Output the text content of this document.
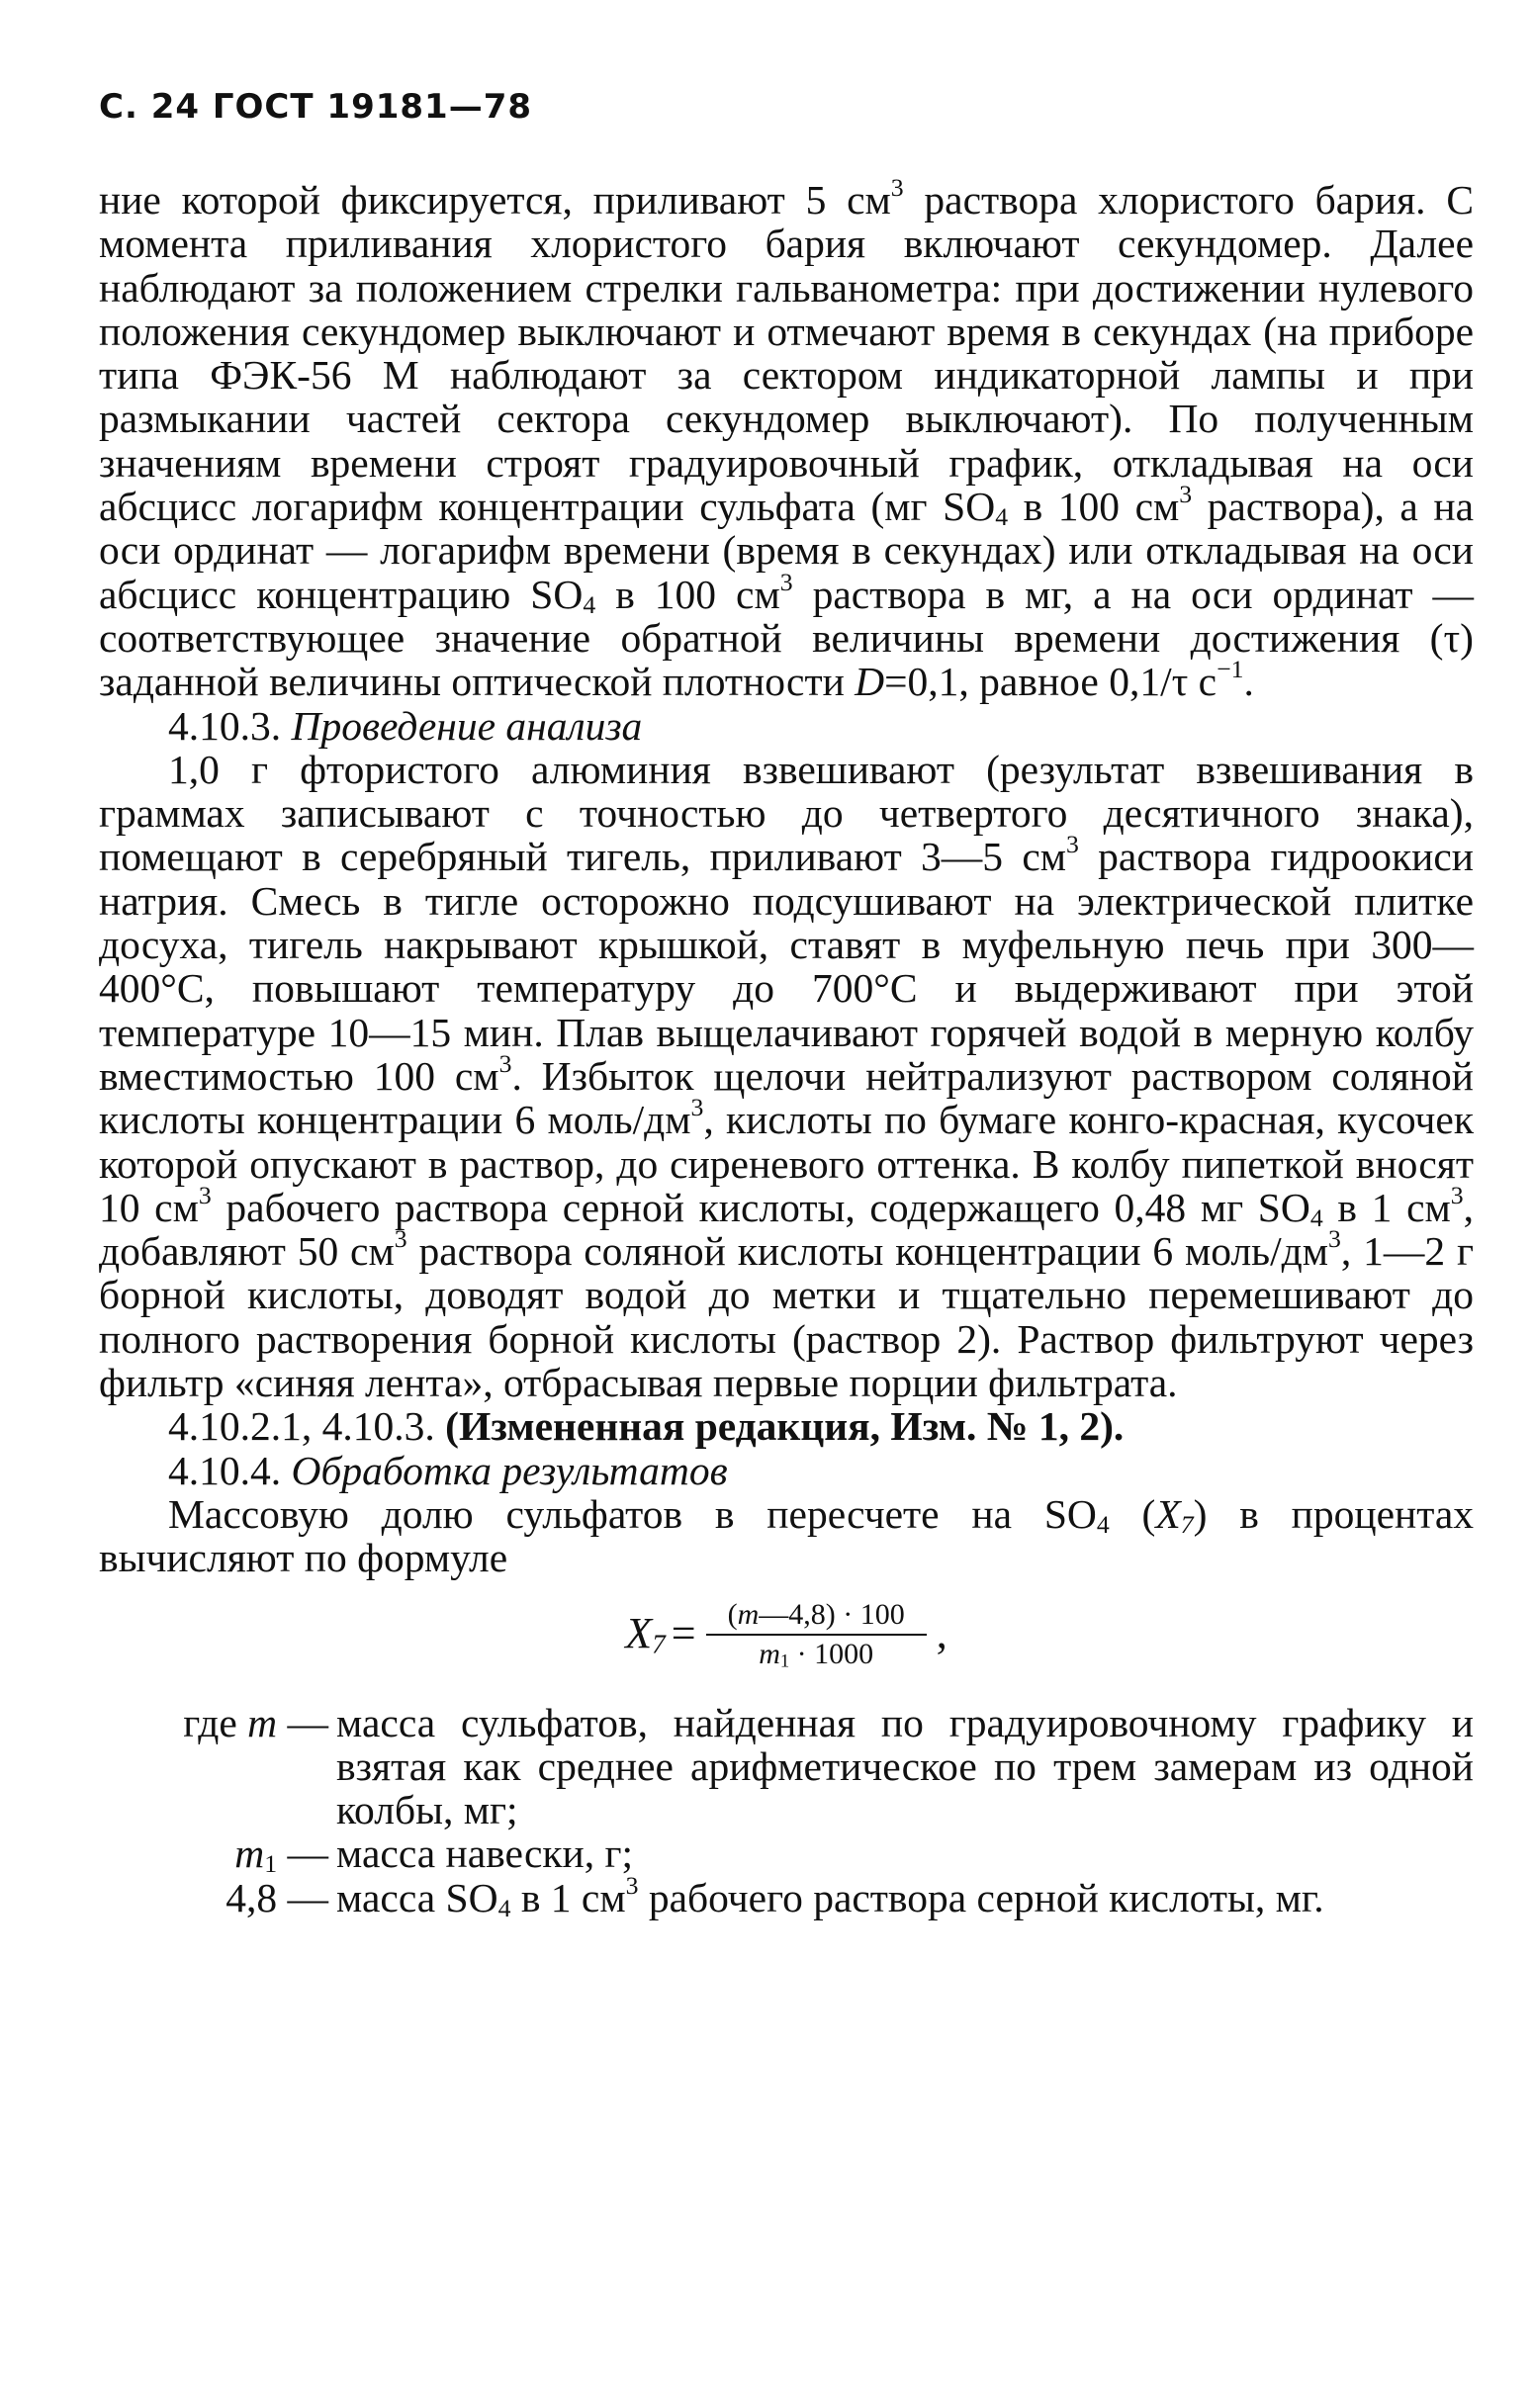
С. 24 ГОСТ 19181—78

ние которой фиксируется, приливают 5 $см^3$ раствора хлористого бария. С момента приливания хлористого бария включают секундомер. Далее наблюдают за положением стрелки гальванометра: при достижении нулевого положения секундомер выключают и отмечают время в секундах (на приборе типа ФЭК-56 М наблюдают за сектором индикаторной лампы и при размыкании частей сектора секундомер выключают). По полученным значениям времени строят градуировочный график, откладывая на оси абсцисс логарифм концентрации сульфата (мг $SO_4$ в 100 $см^3$ раствора), а на оси ординат — логарифм времени (время в секундах) или откладывая на оси абсцисс концентрацию $SO_4$ в 100 $см^3$ раствора в мг, а на оси ординат — соответствующее значение обратной величины времени достижения (τ) заданной величины оптической плотности D=0,1, равное 0,1/τ $с^{-1}$.

4.10.3. Проведение анализа

1,0 г фтористого алюминия взвешивают (результат взвешивания в граммах записывают с точностью до четвертого десятичного знака), помещают в серебряный тигель, приливают 3—5 $см^3$ раствора гидроокиси натрия. Смесь в тигле осторожно подсушивают на электрической плитке досуха, тигель накрывают крышкой, ставят в муфельную печь при 300—400°С, повышают температуру до 700°С и выдерживают при этой температуре 10—15 мин. Плав выщелачивают горячей водой в мерную колбу вместимостью 100 $см^3$. Избыток щелочи нейтрализуют раствором соляной кислоты концентрации 6 моль/$дм^3$, кислоты по бумаге конго-красная, кусочек которой опускают в раствор, до сиреневого оттенка. В колбу пипеткой вносят 10 $см^3$ рабочего раствора серной кислоты, содержащего 0,48 мг $SO_4$ в 1 $см^3$, добавляют 50 $см^3$ раствора соляной кислоты концентрации 6 моль/$дм^3$, 1—2 г борной кислоты, доводят водой до метки и тщательно перемешивают до полного растворения борной кислоты (раствор 2). Раствор фильтруют через фильтр «синяя лента», отбрасывая первые порции фильтрата.

4.10.2.1, 4.10.3. (Измененная редакция, Изм. № 1, 2).

4.10.4. Обработка результатов

Массовую долю сульфатов в пересчете на $SO_4$ $(X_7)$ в процентах вычисляют по формуле

$X_7 = \frac{(m—4,8) \cdot 100}{m_1 \cdot 1000}$ ,
где m — масса сульфатов, найденная по градуировочному графику и взятая как среднее арифметическое по трем замерам из одной колбы, мг;
$m_1$ — масса навески, г;
4,8 — масса $SO_4$ в 1 $см^3$ рабочего раствора серной кислоты, мг.
